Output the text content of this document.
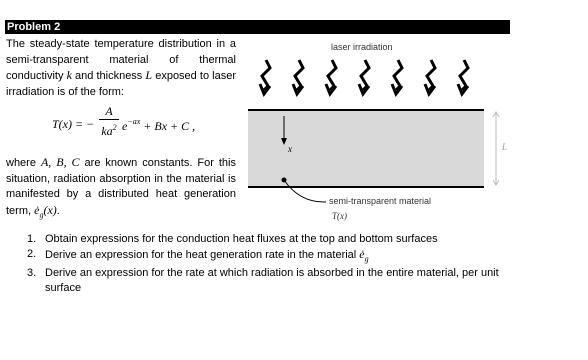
Problem 2
The steady-state temperature distribution in a semi-transparent material of thermal conductivity k and thickness L exposed to laser irradiation is of the form:
T(x) = −
A
$ka^2$ $e^{-ax} + Bx + C$ ,
where A, B, C are known constants. For this situation, radiation absorption in the material is manifested by a distributed heat generation term, $ė_g(x)$.
laser irradiation
x	L
semi-transparent material
T(x)
1. Obtain expressions for the conduction heat fluxes at the top and bottom surfaces
2. Derive an expression for the heat generation rate in the material $ė_g$
3. Derive an expression for the rate at which radiation is absorbed in the entire material, per unit surface
